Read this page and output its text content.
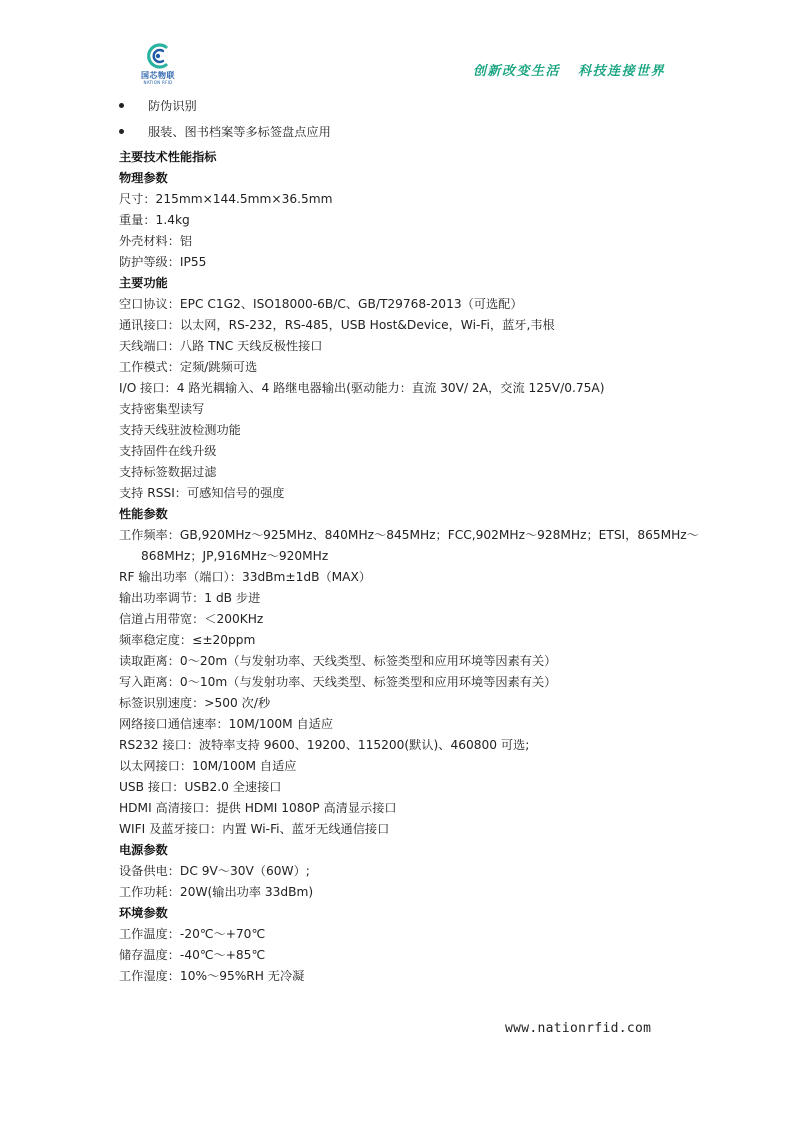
国芯物联
NATION RFID
创新改变生活   科技连接世界
防伪识别
服装、图书档案等多标签盘点应用
主要技术性能指标
物理参数
尺寸：215mm×144.5mm×36.5mm
重量：1.4kg
外壳材料：铝
防护等级：IP55
主要功能
空口协议：EPC C1G2、ISO18000-6B/C、GB/T29768-2013（可选配）
通讯接口：以太网，RS-232，RS-485，USB Host&Device，Wi-Fi，蓝牙,韦根
天线端口：八路 TNC 天线反极性接口
工作模式：定频/跳频可选
I/O 接口：4 路光耦输入、4 路继电器输出(驱动能力：直流 30V/ 2A，交流 125V/0.75A)
支持密集型读写
支持天线驻波检测功能
支持固件在线升级
支持标签数据过滤
支持 RSSI：可感知信号的强度
性能参数
工作频率：GB,920MHz～925MHz、840MHz～845MHz；FCC,902MHz～928MHz；ETSI，865MHz～
868MHz；JP,916MHz～920MHz
RF 输出功率（端口）：33dBm±1dB（MAX）
输出功率调节：1 dB 步进
信道占用带宽：＜200KHz
频率稳定度：≤±20ppm
读取距离：0～20m（与发射功率、天线类型、标签类型和应用环境等因素有关）
写入距离：0～10m（与发射功率、天线类型、标签类型和应用环境等因素有关）
标签识别速度：>500 次/秒
网络接口通信速率：10M/100M 自适应
RS232 接口：波特率支持 9600、19200、115200(默认)、460800 可选;
以太网接口：10M/100M 自适应
USB 接口：USB2.0 全速接口
HDMI 高清接口：提供 HDMI 1080P 高清显示接口
WIFI 及蓝牙接口：内置 Wi-Fi、蓝牙无线通信接口
电源参数
设备供电：DC 9V～30V（60W）;
工作功耗：20W(输出功率 33dBm)
环境参数
工作温度：-20℃～+70℃
储存温度：-40℃～+85℃
工作湿度：10%～95%RH 无冷凝
www.nationrfid.com
